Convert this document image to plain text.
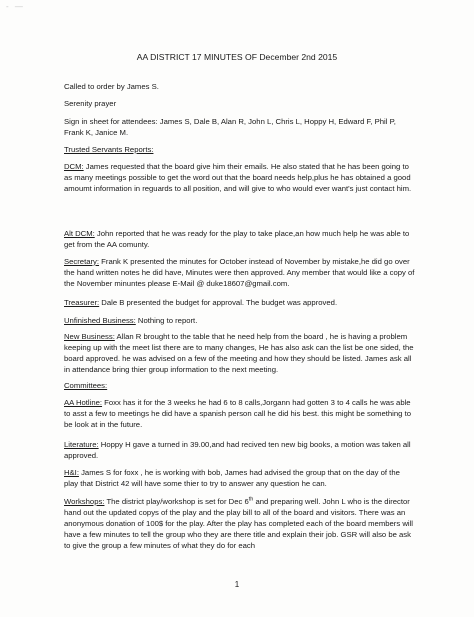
- —
AA DISTRICT 17 MINUTES OF December 2nd 2015
Called to order by James S.
Serenity prayer
Sign in sheet for attendees: James S, Dale B, Alan R, John L, Chris L, Hoppy H, Edward F, Phil P, Frank K, Janice M.
Trusted Servants Reports:
DCM: James requested that the board give him their emails. He also stated that he has been going to as many meetings possible to get the word out that the board needs help,plus he has obtained a good amoumt information in reguards to all position, and will give to who would ever want's just contact him.
Alt DCM: John reported that he was ready for the play to take place,an how much help he was able to get from the AA comunty.
Secretary: Frank K presented the minutes for October instead of November by mistake,he did go over the hand written notes he did have, Minutes were then approved. Any member that would like a copy of the November minuntes please E-Mail @ duke18607@gmail.com.
Treasurer: Dale B presented the budget for approval. The budget was approved.
Unfinished Business: Nothing to report.
New Business: Allan R brought to the table that he need help from the board , he is having a problem keeping up with the meet list there are to many changes, He has also ask can the list be one sided, the board approved. he was advised on a few of the meeting and how they should be listed. James ask all in attendance bring thier group information to the next meeting.
Committees:
AA Hotline: Foxx has it for the 3 weeks he had 6 to 8 calls,Jorgann had gotten 3 to 4 calls he was able to asst a few to meetings he did have a spanish person call he did his best. this might be something to be look at in the future.
Literature: Hoppy H gave a turned in 39.00,and had recived ten new big books, a motion was taken all approved.
H&I: James S for foxx , he is working with bob, James had advised the group that on the day of the play that District 42 will have some thier to try to answer any question he can.
Workshops: The district play/workshop is set for Dec 6th and preparing well. John L who is the director hand out the updated copys of the play and the play bill to all of the board and visitors. There was an anonymous donation of 100$ for the play. After the play has completed each of the board members will have a few minutes to tell the group who they are there title and explain their job. GSR will also be ask to give the group a few minutes of what they do for each
1
